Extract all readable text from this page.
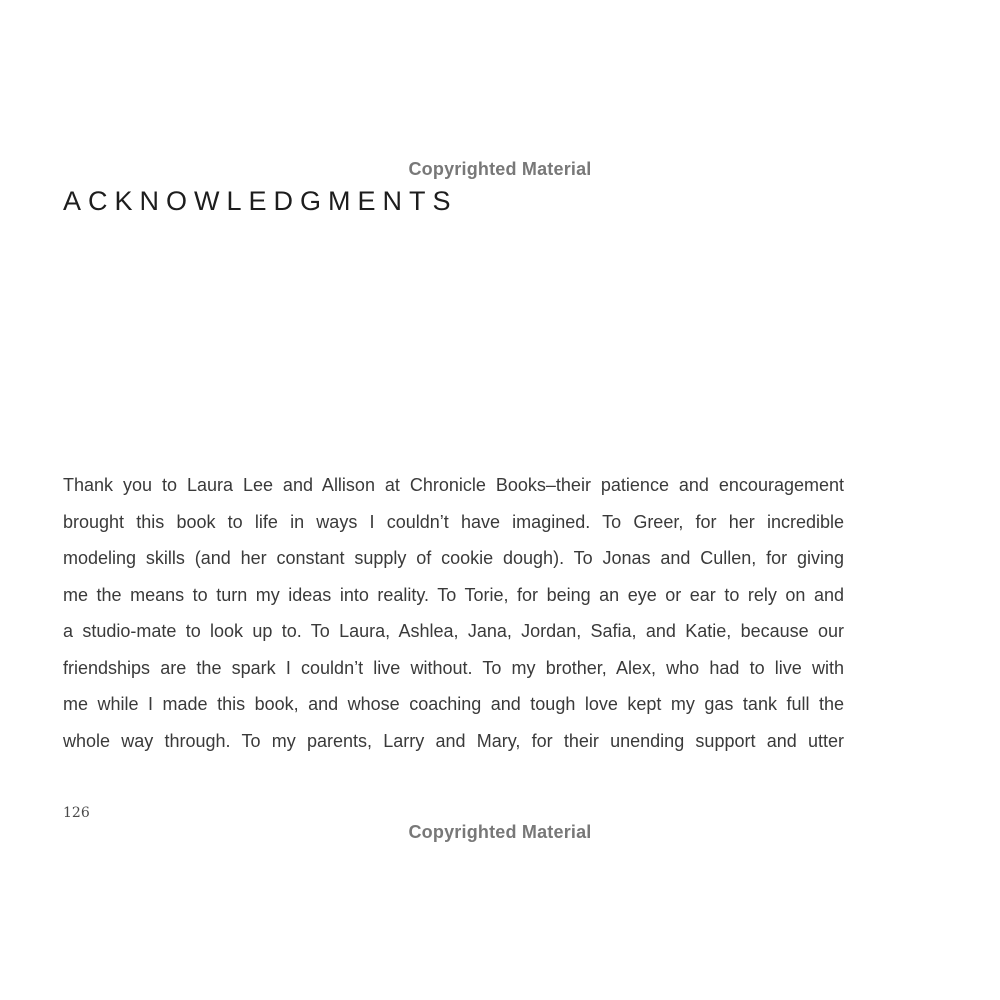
Copyrighted Material
ACKNOWLEDGMENTS
Thank you to Laura Lee and Allison at Chronicle Books–their patience and encouragement
brought this book to life in ways I couldn’t have imagined. To Greer, for her incredible
modeling skills (and her constant supply of cookie dough). To Jonas and Cullen, for giving
me the means to turn my ideas into reality. To Torie, for being an eye or ear to rely on and
a studio-mate to look up to. To Laura, Ashlea, Jana, Jordan, Safia, and Katie, because our
friendships are the spark I couldn’t live without. To my brother, Alex, who had to live with
me while I made this book, and whose coaching and tough love kept my gas tank full the
whole way through. To my parents, Larry and Mary, for their unending support and utter
126
Copyrighted Material
